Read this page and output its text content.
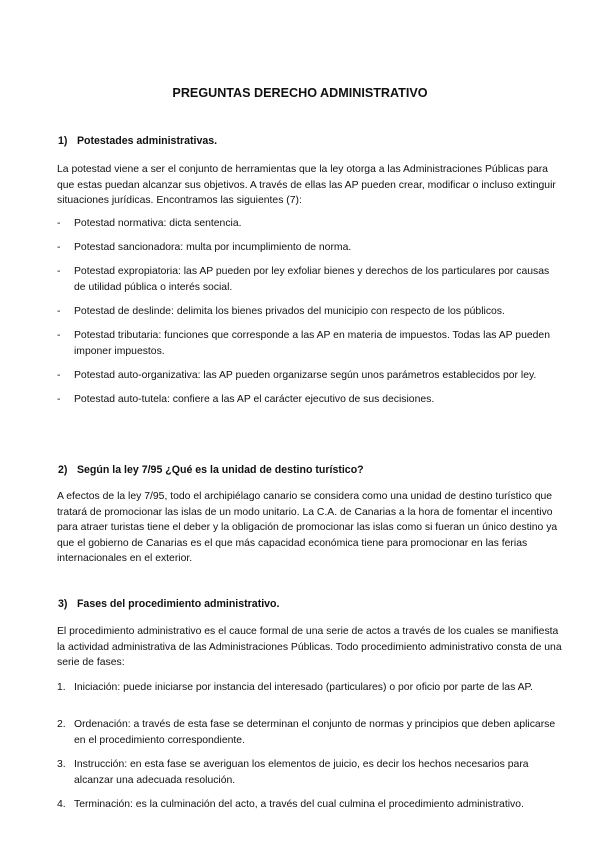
PREGUNTAS DERECHO ADMINISTRATIVO
1) Potestades administrativas.
La potestad viene a ser el conjunto de herramientas que la ley otorga a las Administraciones Públicas para que estas puedan alcanzar sus objetivos. A través de ellas las AP pueden crear, modificar o incluso extinguir situaciones jurídicas. Encontramos las siguientes (7):
- Potestad normativa: dicta sentencia.
- Potestad sancionadora: multa por incumplimiento de norma.
- Potestad expropiatoria: las AP pueden por ley exfoliar bienes y derechos de los particulares por causas de utilidad pública o interés social.
- Potestad de deslinde: delimita los bienes privados del municipio con respecto de los públicos.
- Potestad tributaria: funciones que corresponde a las AP en materia de impuestos. Todas las AP pueden imponer impuestos.
- Potestad auto-organizativa: las AP pueden organizarse según unos parámetros establecidos por ley.
- Potestad auto-tutela: confiere a las AP el carácter ejecutivo de sus decisiones.
2) Según la ley 7/95 ¿Qué es la unidad de destino turístico?
A efectos de la ley 7/95, todo el archipiélago canario se considera como una unidad de destino turístico que tratará de promocionar las islas de un modo unitario. La C.A. de Canarias a la hora de fomentar el incentivo para atraer turistas tiene el deber y la obligación de promocionar las islas como si fueran un único destino ya que el gobierno de Canarias es el que más capacidad económica tiene para promocionar en las ferias internacionales en el exterior.
3) Fases del procedimiento administrativo.
El procedimiento administrativo es el cauce formal de una serie de actos a través de los cuales se manifiesta la actividad administrativa de las Administraciones Públicas. Todo procedimiento administrativo consta de una serie de fases:
1. Iniciación: puede iniciarse por instancia del interesado (particulares) o por oficio por parte de las AP.
2. Ordenación: a través de esta fase se determinan el conjunto de normas y principios que deben aplicarse en el procedimiento correspondiente.
3. Instrucción: en esta fase se averiguan los elementos de juicio, es decir los hechos necesarios para alcanzar una adecuada resolución.
4. Terminación: es la culminación del acto, a través del cual culmina el procedimiento administrativo.
